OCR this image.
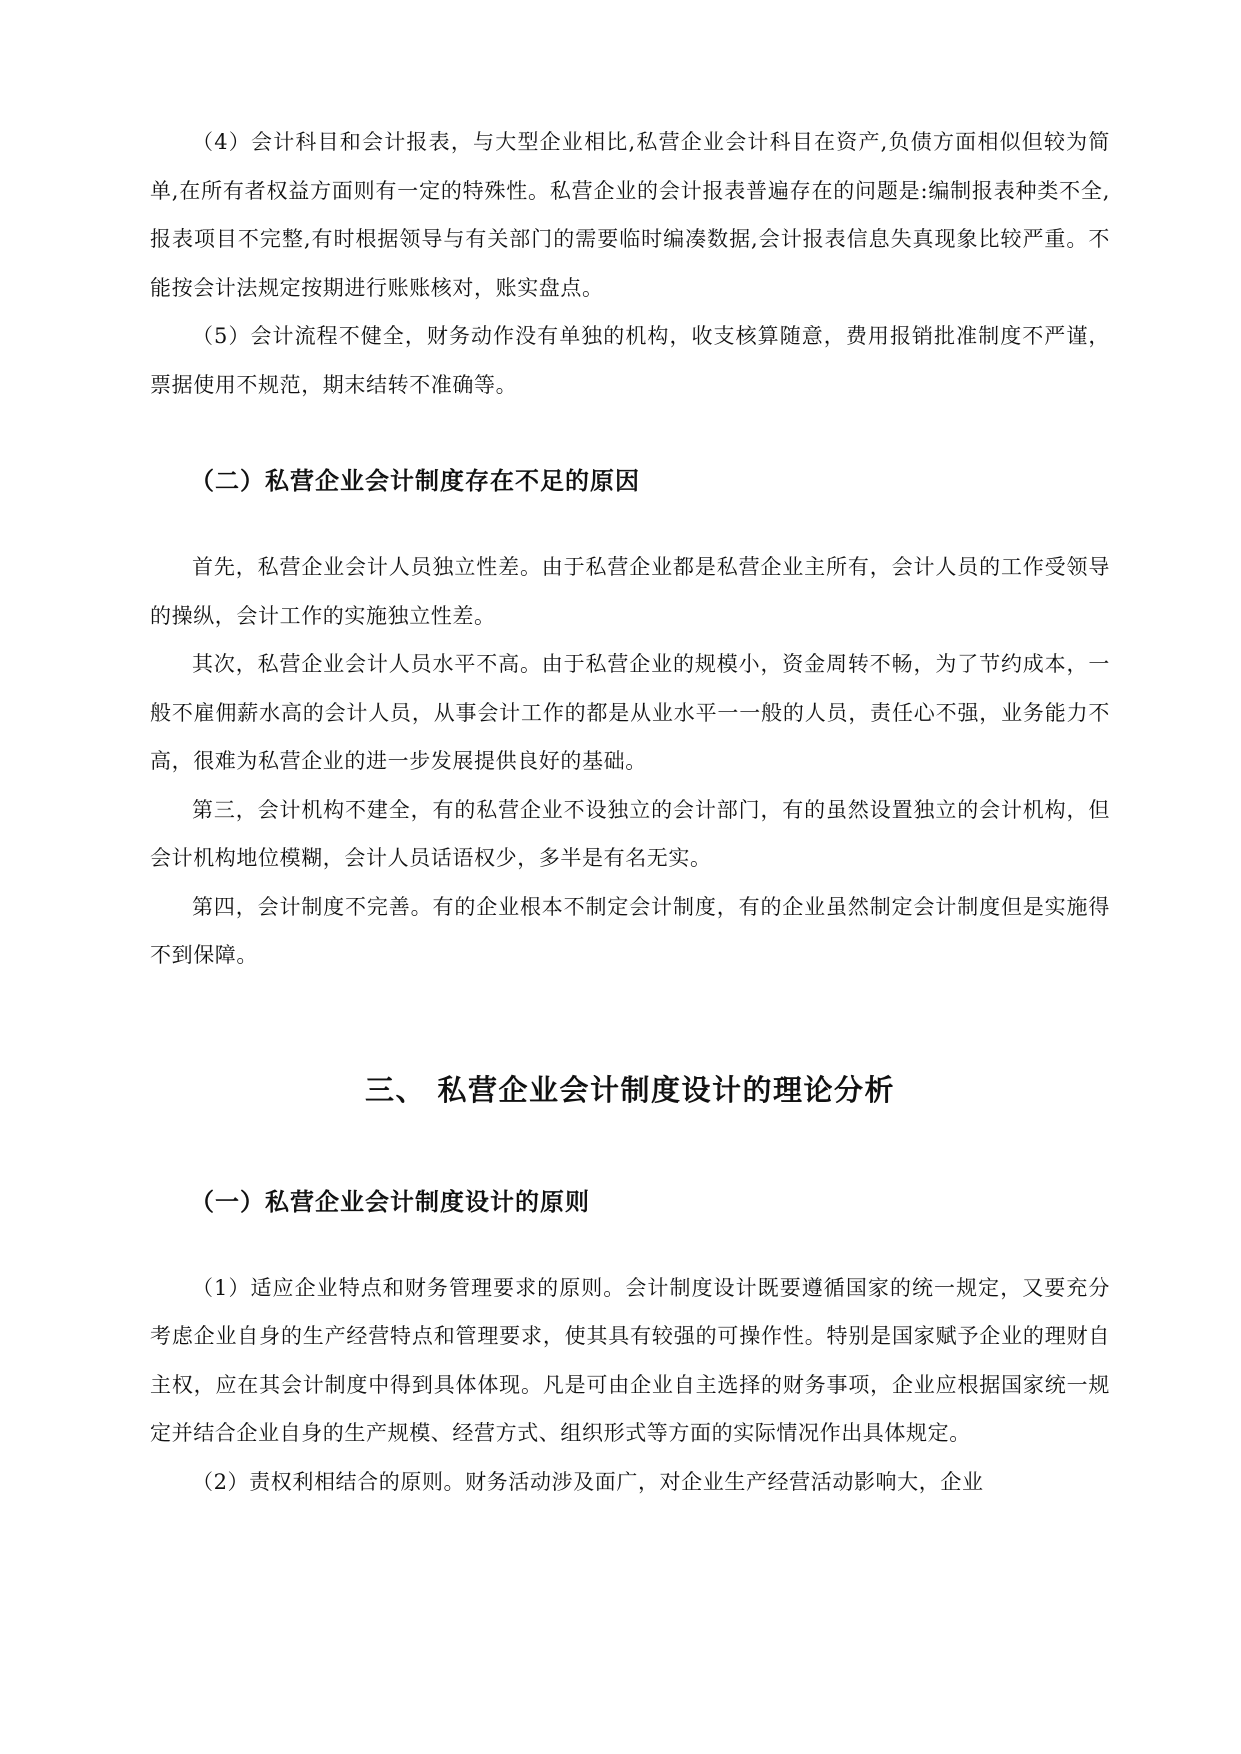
（4）会计科目和会计报表，与大型企业相比,私营企业会计科目在资产,负债方面相似但较为简单,在所有者权益方面则有一定的特殊性。私营企业的会计报表普遍存在的问题是:编制报表种类不全,报表项目不完整,有时根据领导与有关部门的需要临时编凑数据,会计报表信息失真现象比较严重。不能按会计法规定按期进行账账核对，账实盘点。

（5）会计流程不健全，财务动作没有单独的机构，收支核算随意，费用报销批准制度不严谨，票据使用不规范，期末结转不准确等。

（二）私营企业会计制度存在不足的原因

首先，私营企业会计人员独立性差。由于私营企业都是私营企业主所有，会计人员的工作受领导的操纵，会计工作的实施独立性差。

其次，私营企业会计人员水平不高。由于私营企业的规模小，资金周转不畅，为了节约成本，一般不雇佣薪水高的会计人员，从事会计工作的都是从业水平一一般的人员，责任心不强，业务能力不高，很难为私营企业的进一步发展提供良好的基础。

第三，会计机构不建全，有的私营企业不设独立的会计部门，有的虽然设置独立的会计机构，但会计机构地位模糊，会计人员话语权少，多半是有名无实。

第四，会计制度不完善。有的企业根本不制定会计制度，有的企业虽然制定会计制度但是实施得不到保障。

三、 私营企业会计制度设计的理论分析
（一）私营企业会计制度设计的原则

（1）适应企业特点和财务管理要求的原则。会计制度设计既要遵循国家的统一规定，又要充分考虑企业自身的生产经营特点和管理要求，使其具有较强的可操作性。特别是国家赋予企业的理财自主权，应在其会计制度中得到具体体现。凡是可由企业自主选择的财务事项，企业应根据国家统一规定并结合企业自身的生产规模、经营方式、组织形式等方面的实际情况作出具体规定。

（2）责权利相结合的原则。财务活动涉及面广，对企业生产经营活动影响大，企业
